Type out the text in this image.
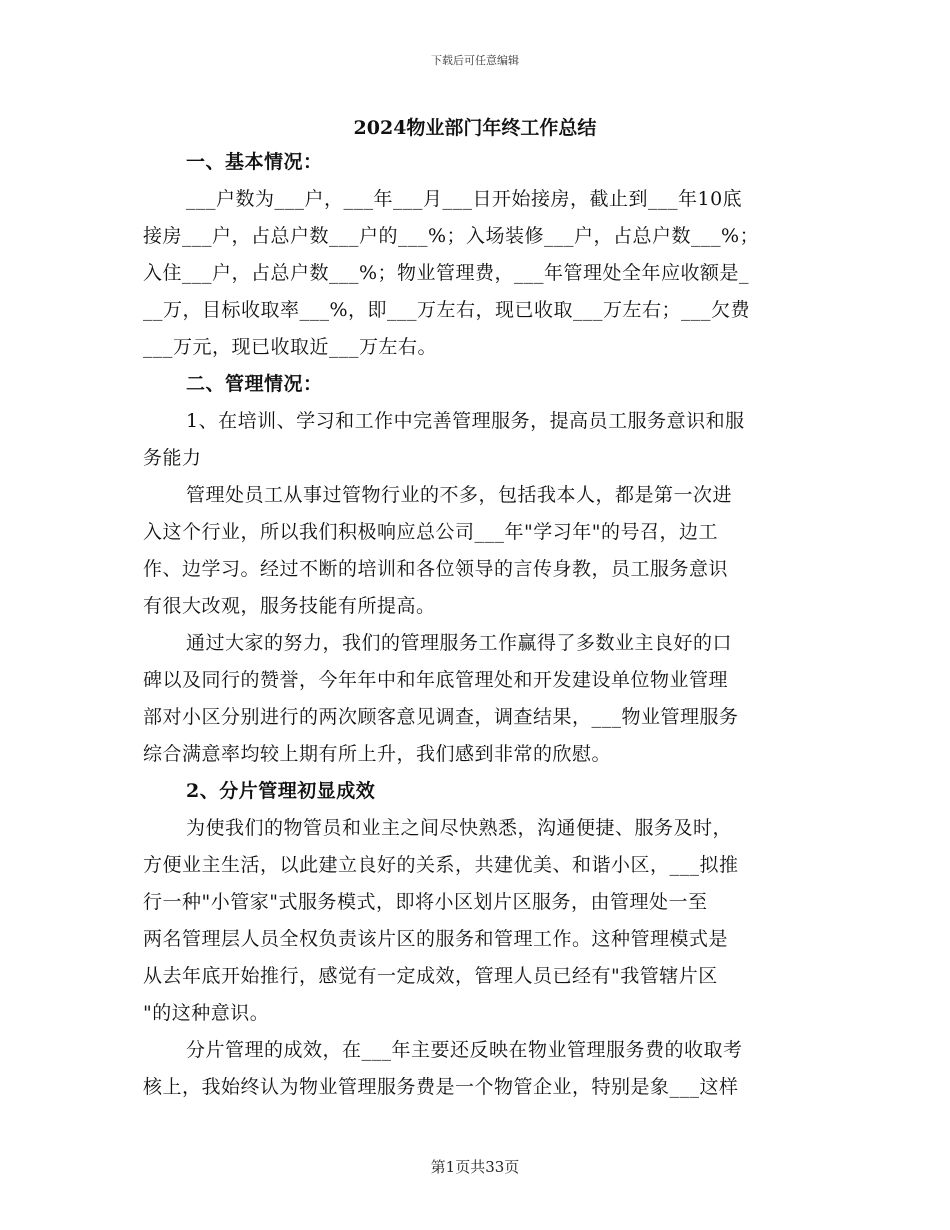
下载后可任意编辑
2024物业部门年终工作总结
一、基本情况：
___户数为___户，___年___月___日开始接房，截止到___年10底
接房___户，占总户数___户的___%；入场装修___户，占总户数___%；
入住___户，占总户数___%；物业管理费，___年管理处全年应收额是_
__万，目标收取率___%，即___万左右，现已收取___万左右；___欠费
___万元，现已收取近___万左右。
二、管理情况：
1、在培训、学习和工作中完善管理服务，提高员工服务意识和服
务能力
管理处员工从事过管物行业的不多，包括我本人，都是第一次进
入这个行业，所以我们积极响应总公司___年"学习年"的号召，边工
作、边学习。经过不断的培训和各位领导的言传身教，员工服务意识
有很大改观，服务技能有所提高。
通过大家的努力，我们的管理服务工作赢得了多数业主良好的口
碑以及同行的赞誉，今年年中和年底管理处和开发建设单位物业管理
部对小区分别进行的两次顾客意见调查，调查结果，___物业管理服务
综合满意率均较上期有所上升，我们感到非常的欣慰。
2、分片管理初显成效
为使我们的物管员和业主之间尽快熟悉，沟通便捷、服务及时，
方便业主生活，以此建立良好的关系，共建优美、和谐小区，___拟推
行一种"小管家"式服务模式，即将小区划片区服务，由管理处一至
两名管理层人员全权负责该片区的服务和管理工作。这种管理模式是
从去年底开始推行，感觉有一定成效，管理人员已经有"我管辖片区
"的这种意识。
分片管理的成效，在___年主要还反映在物业管理服务费的收取考
核上，我始终认为物业管理服务费是一个物管企业，特别是象___这样
第1页共33页
